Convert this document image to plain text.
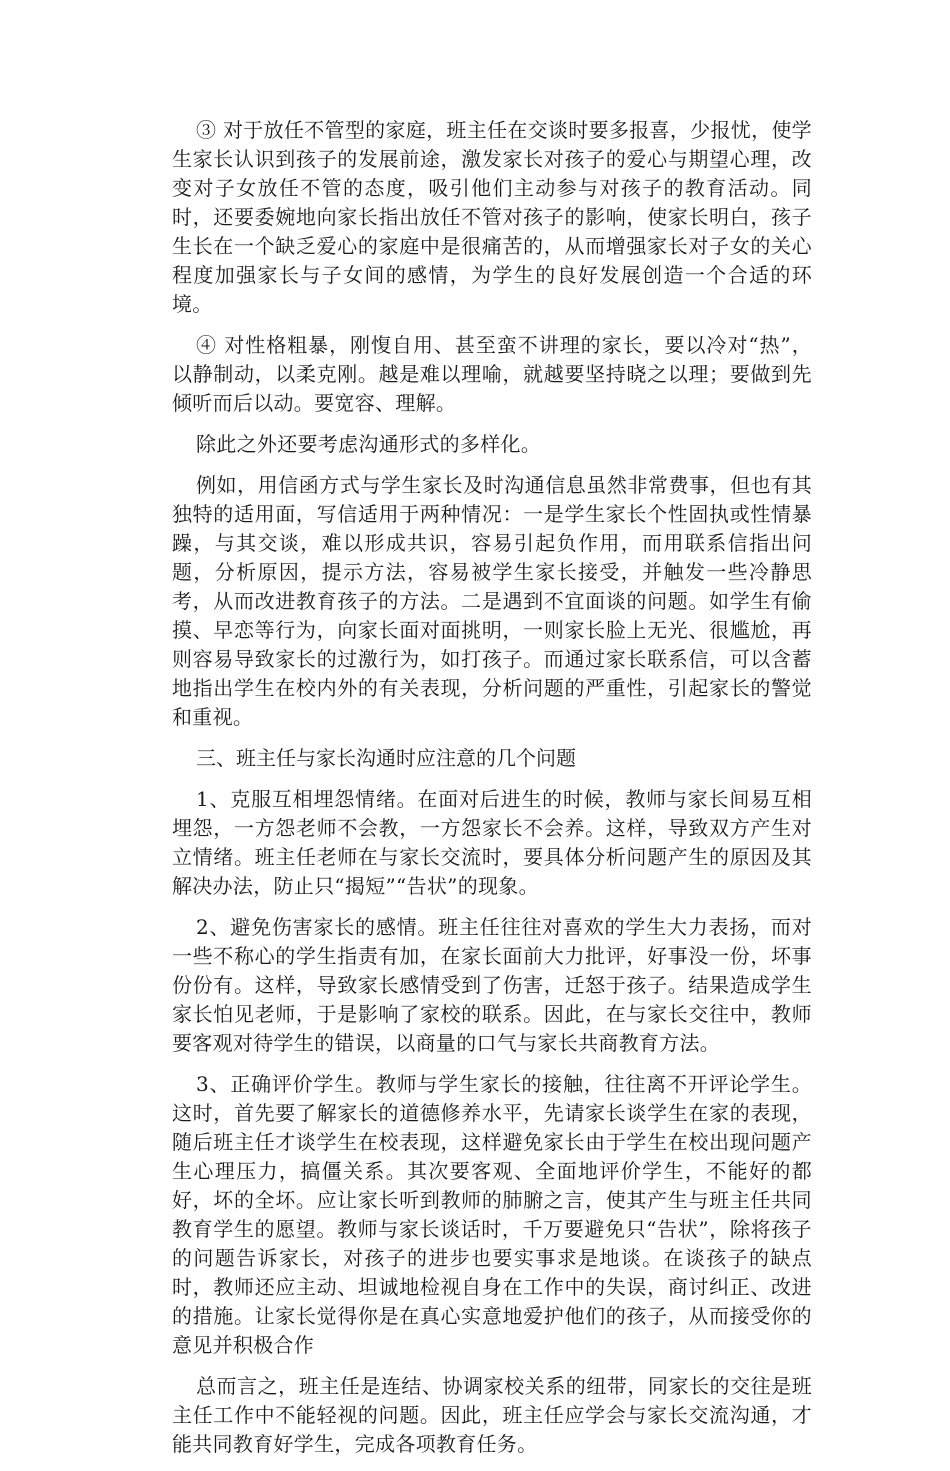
③ 对于放任不管型的家庭，班主任在交谈时要多报喜，少报忧，使学生家长认识到孩子的发展前途，激发家长对孩子的爱心与期望心理，改变对子女放任不管的态度，吸引他们主动参与对孩子的教育活动。同时，还要委婉地向家长指出放任不管对孩子的影响，使家长明白，孩子生长在一个缺乏爱心的家庭中是很痛苦的，从而增强家长对子女的关心程度加强家长与子女间的感情，为学生的良好发展创造一个合适的环境。

④ 对性格粗暴，刚愎自用、甚至蛮不讲理的家长，要以冷对“热”，以静制动，以柔克刚。越是难以理喻，就越要坚持晓之以理；要做到先倾听而后以动。要宽容、理解。

除此之外还要考虑沟通形式的多样化。

例如，用信函方式与学生家长及时沟通信息虽然非常费事，但也有其独特的适用面，写信适用于两种情况：一是学生家长个性固执或性情暴躁，与其交谈，难以形成共识，容易引起负作用，而用联系信指出问题，分析原因，提示方法，容易被学生家长接受，并触发一些冷静思考，从而改进教育孩子的方法。二是遇到不宜面谈的问题。如学生有偷摸、早恋等行为，向家长面对面挑明，一则家长脸上无光、很尴尬，再则容易导致家长的过激行为，如打孩子。而通过家长联系信，可以含蓄地指出学生在校内外的有关表现，分析问题的严重性，引起家长的警觉和重视。

三、班主任与家长沟通时应注意的几个问题

1、克服互相埋怨情绪。在面对后进生的时候，教师与家长间易互相埋怨，一方怨老师不会教，一方怨家长不会养。这样，导致双方产生对立情绪。班主任老师在与家长交流时，要具体分析问题产生的原因及其解决办法，防止只“揭短”“告状”的现象。

2、避免伤害家长的感情。班主任往往对喜欢的学生大力表扬，而对一些不称心的学生指责有加，在家长面前大力批评，好事没一份，坏事份份有。这样，导致家长感情受到了伤害，迁怒于孩子。结果造成学生家长怕见老师，于是影响了家校的联系。因此，在与家长交往中，教师要客观对待学生的错误，以商量的口气与家长共商教育方法。

3、正确评价学生。教师与学生家长的接触，往往离不开评论学生。这时，首先要了解家长的道德修养水平，先请家长谈学生在家的表现，随后班主任才谈学生在校表现，这样避免家长由于学生在校出现问题产生心理压力，搞僵关系。其次要客观、全面地评价学生，不能好的都好，坏的全坏。应让家长听到教师的肺腑之言，使其产生与班主任共同教育学生的愿望。教师与家长谈话时，千万要避免只“告状”，除将孩子的问题告诉家长，对孩子的进步也要实事求是地谈。在谈孩子的缺点时，教师还应主动、坦诚地检视自身在工作中的失误，商讨纠正、改进的措施。让家长觉得你是在真心实意地爱护他们的孩子，从而接受你的意见并积极合作

总而言之，班主任是连结、协调家校关系的纽带，同家长的交往是班主任工作中不能轻视的问题。因此，班主任应学会与家长交流沟通，才能共同教育好学生，完成各项教育任务。
